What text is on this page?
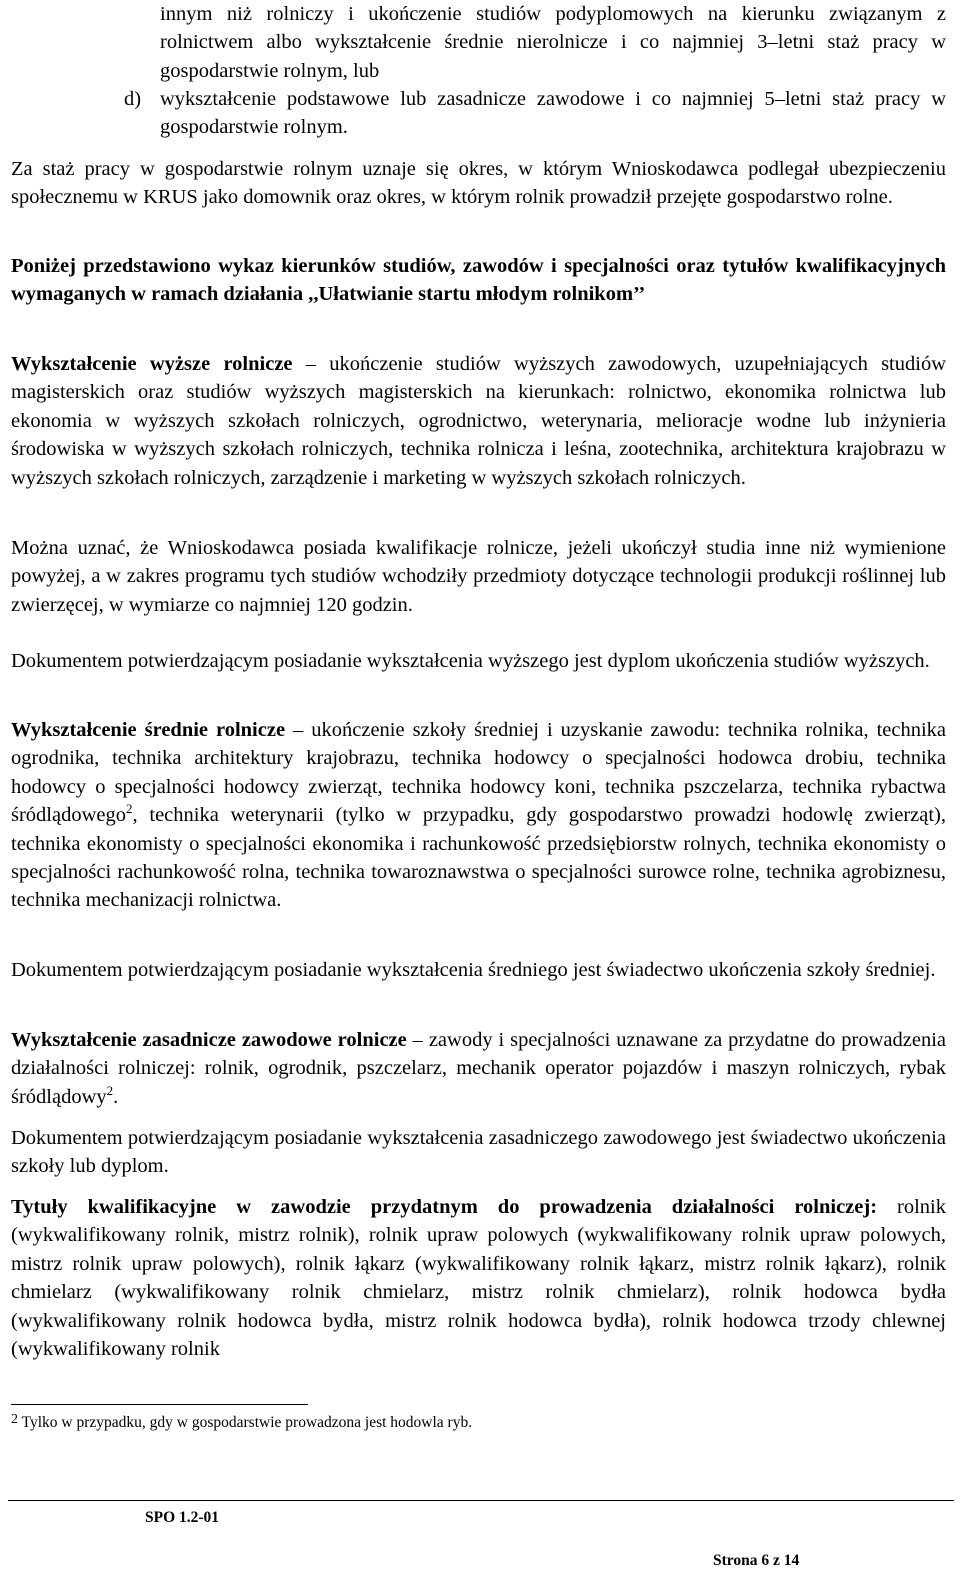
innym niż rolniczy i ukończenie studiów podyplomowych na kierunku związanym z rolnictwem albo wykształcenie średnie nierolnicze i co najmniej 3–letni staż pracy w gospodarstwie rolnym, lub

d) wykształcenie podstawowe lub zasadnicze zawodowe i co najmniej 5–letni staż pracy w gospodarstwie rolnym.

Za staż pracy w gospodarstwie rolnym uznaje się okres, w którym Wnioskodawca podlegał ubezpieczeniu społecznemu w KRUS jako domownik oraz okres, w którym rolnik prowadził przejęte gospodarstwo rolne.

Poniżej przedstawiono wykaz kierunków studiów, zawodów i specjalności oraz tytułów kwalifikacyjnych wymaganych w ramach działania ,,Ułatwianie startu młodym rolnikom’’

Wykształcenie wyższe rolnicze – ukończenie studiów wyższych zawodowych, uzupełniających studiów magisterskich oraz studiów wyższych magisterskich na kierunkach: rolnictwo, ekonomika rolnictwa lub ekonomia w wyższych szkołach rolniczych, ogrodnictwo, weterynaria, melioracje wodne lub inżynieria środowiska w wyższych szkołach rolniczych, technika rolnicza i leśna, zootechnika, architektura krajobrazu w wyższych szkołach rolniczych, zarządzenie i marketing w wyższych szkołach rolniczych.

Można uznać, że Wnioskodawca posiada kwalifikacje rolnicze, jeżeli ukończył studia inne niż wymienione powyżej, a w zakres programu tych studiów wchodziły przedmioty dotyczące technologii produkcji roślinnej lub zwierzęcej, w wymiarze co najmniej 120 godzin.

Dokumentem potwierdzającym posiadanie wykształcenia wyższego jest dyplom ukończenia studiów wyższych.

Wykształcenie średnie rolnicze – ukończenie szkoły średniej i uzyskanie zawodu: technika rolnika, technika ogrodnika, technika architektury krajobrazu, technika hodowcy o specjalności hodowca drobiu, technika hodowcy o specjalności hodowcy zwierząt, technika hodowcy koni, technika pszczelarza, technika rybactwa śródlądowego$^2$, technika weterynarii (tylko w przypadku, gdy gospodarstwo prowadzi hodowlę zwierząt), technika ekonomisty o specjalności ekonomika i rachunkowość przedsiębiorstw rolnych, technika ekonomisty o specjalności rachunkowość rolna, technika towaroznawstwa o specjalności surowce rolne, technika agrobiznesu, technika mechanizacji rolnictwa.

Dokumentem potwierdzającym posiadanie wykształcenia średniego jest świadectwo ukończenia szkoły średniej.

Wykształcenie zasadnicze zawodowe rolnicze – zawody i specjalności uznawane za przydatne do prowadzenia działalności rolniczej: rolnik, ogrodnik, pszczelarz, mechanik operator pojazdów i maszyn rolniczych, rybak śródlądowy$^2$.

Dokumentem potwierdzającym posiadanie wykształcenia zasadniczego zawodowego jest świadectwo ukończenia szkoły lub dyplom.

Tytuły kwalifikacyjne w zawodzie przydatnym do prowadzenia działalności rolniczej: rolnik (wykwalifikowany rolnik, mistrz rolnik), rolnik upraw polowych (wykwalifikowany rolnik upraw polowych, mistrz rolnik upraw polowych), rolnik łąkarz (wykwalifikowany rolnik łąkarz, mistrz rolnik łąkarz), rolnik chmielarz (wykwalifikowany rolnik chmielarz, mistrz rolnik chmielarz), rolnik hodowca bydła (wykwalifikowany rolnik hodowca bydła, mistrz rolnik hodowca bydła), rolnik hodowca trzody chlewnej (wykwalifikowany rolnik

2 Tylko w przypadku, gdy w gospodarstwie prowadzona jest hodowla ryb.
SPO 1.2-01
Strona 6 z 14
